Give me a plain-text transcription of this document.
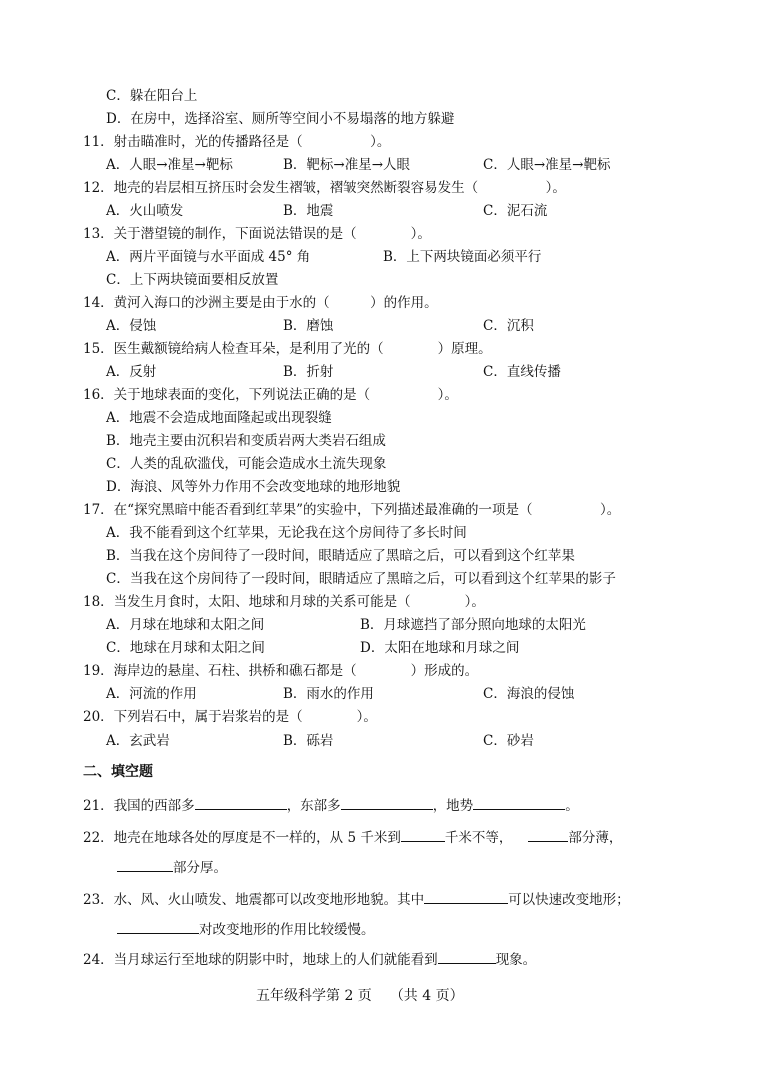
C．躲在阳台上
D．在房中，选择浴室、厕所等空间小不易塌落的地方躲避
11．射击瞄准时，光的传播路径是（　　　　　）。
A．人眼→准星→靶标	B．靶标→准星→人眼	C．人眼→准星→靶标
12．地壳的岩层相互挤压时会发生褶皱，褶皱突然断裂容易发生（　　　　　）。
A．火山喷发	B．地震	C．泥石流
13．关于潜望镜的制作，下面说法错误的是（　　　　）。
A．两片平面镜与水平面成 45° 角	B．上下两块镜面必须平行
C．上下两块镜面要相反放置
14．黄河入海口的沙洲主要是由于水的（　　　）的作用。
A．侵蚀	B．磨蚀	C．沉积
15．医生戴额镜给病人检查耳朵，是利用了光的（　　　　）原理。
A．反射	B．折射	C．直线传播
16．关于地球表面的变化，下列说法正确的是（　　　　　）。
A．地震不会造成地面隆起或出现裂缝
B．地壳主要由沉积岩和变质岩两大类岩石组成
C．人类的乱砍滥伐，可能会造成水土流失现象
D．海浪、风等外力作用不会改变地球的地形地貌
17．在“探究黑暗中能否看到红苹果”的实验中，下列描述最准确的一项是（　　　　　）。
A．我不能看到这个红苹果，无论我在这个房间待了多长时间
B．当我在这个房间待了一段时间，眼睛适应了黑暗之后，可以看到这个红苹果
C．当我在这个房间待了一段时间，眼睛适应了黑暗之后，可以看到这个红苹果的影子
18．当发生月食时，太阳、地球和月球的关系可能是（　　　　）。
A．月球在地球和太阳之间	B．月球遮挡了部分照向地球的太阳光
C．地球在月球和太阳之间	D．太阳在地球和月球之间
19．海岸边的悬崖、石柱、拱桥和礁石都是（　　　　）形成的。
A．河流的作用	B．雨水的作用	C．海浪的侵蚀
20．下列岩石中，属于岩浆岩的是（　　　　）。
A．玄武岩	B．砾岩	C．砂岩
二、填空题
21．我国的西部多	，东部多	，地势	。
22．地壳在地球各处的厚度是不一样的，从 5 千米到	千米不等，	部分薄，
部分厚。
23．水、风、火山喷发、地震都可以改变地形地貌。其中	可以快速改变地形；
对改变地形的作用比较缓慢。
24．当月球运行至地球的阴影中时，地球上的人们就能看到	现象。
五年级科学第 2 页 （共 4 页）
